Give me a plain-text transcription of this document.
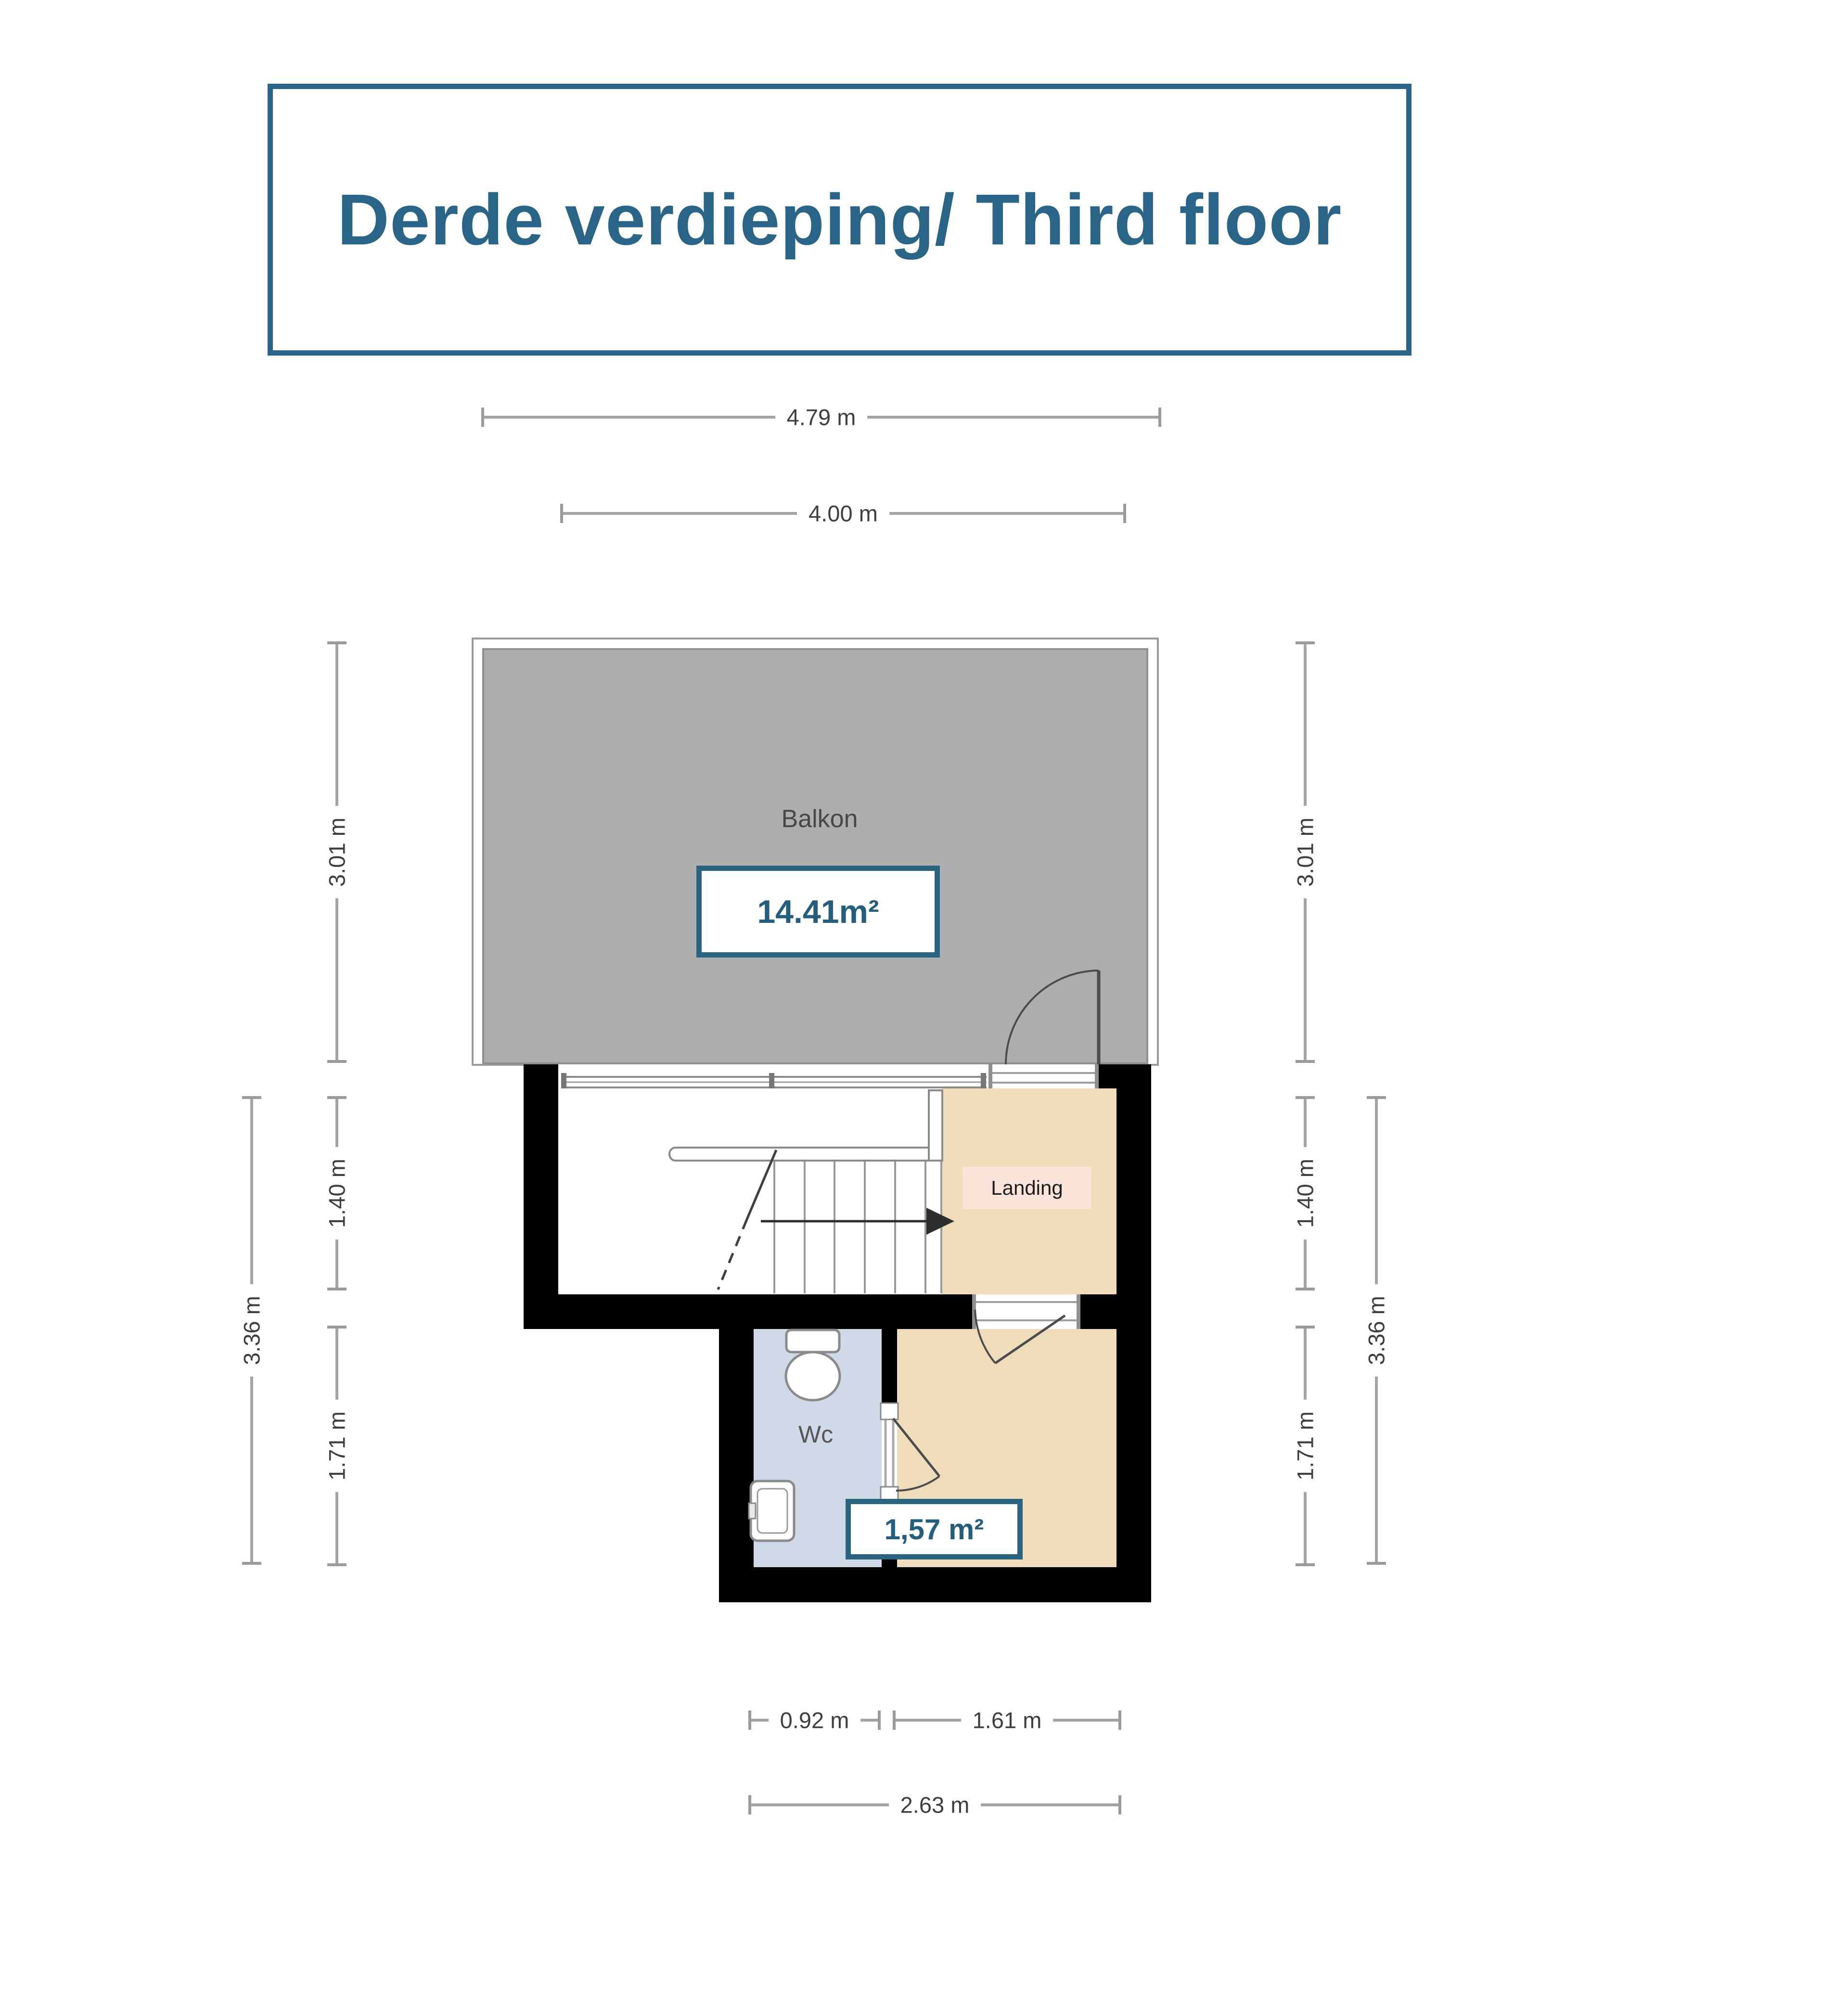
Derde verdieping/ Third floor
Balkon
14.41m²
Landing
Wc
1,57 m²
4.79 m
4.00 m
3.36 m
3.01 m
1.40 m
1.71 m
3.01 m
1.40 m
1.71 m
3.36 m
0.92 m	1.61 m
2.63 m
